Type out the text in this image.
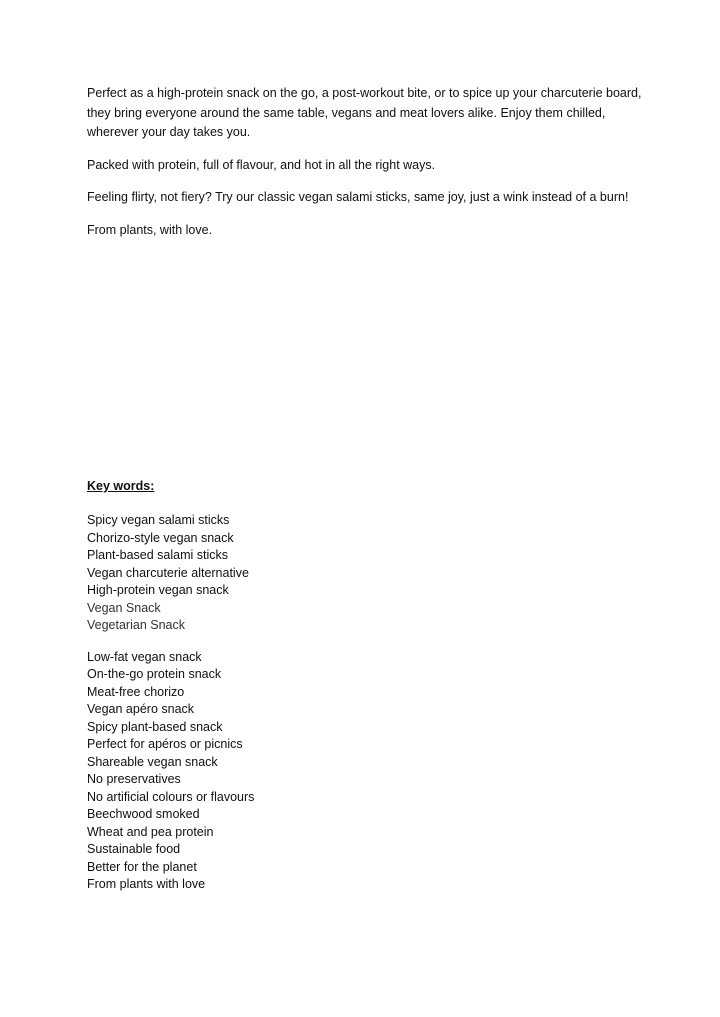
Perfect as a high-protein snack on the go, a post-workout bite, or to spice up your charcuterie board, they bring everyone around the same table, vegans and meat lovers alike. Enjoy them chilled, wherever your day takes you.

Packed with protein, full of flavour, and hot in all the right ways.

Feeling flirty, not fiery? Try our classic vegan salami sticks, same joy, just a wink instead of a burn!

From plants, with love.

Key words:
Spicy vegan salami sticks
Chorizo-style vegan snack
Plant-based salami sticks
Vegan charcuterie alternative
High-protein vegan snack
Vegan Snack
Vegetarian Snack
Low-fat vegan snack
On-the-go protein snack
Meat-free chorizo
Vegan apéro snack
Spicy plant-based snack
Perfect for apéros or picnics
Shareable vegan snack
No preservatives
No artificial colours or flavours
Beechwood smoked
Wheat and pea protein
Sustainable food
Better for the planet
From plants with love
